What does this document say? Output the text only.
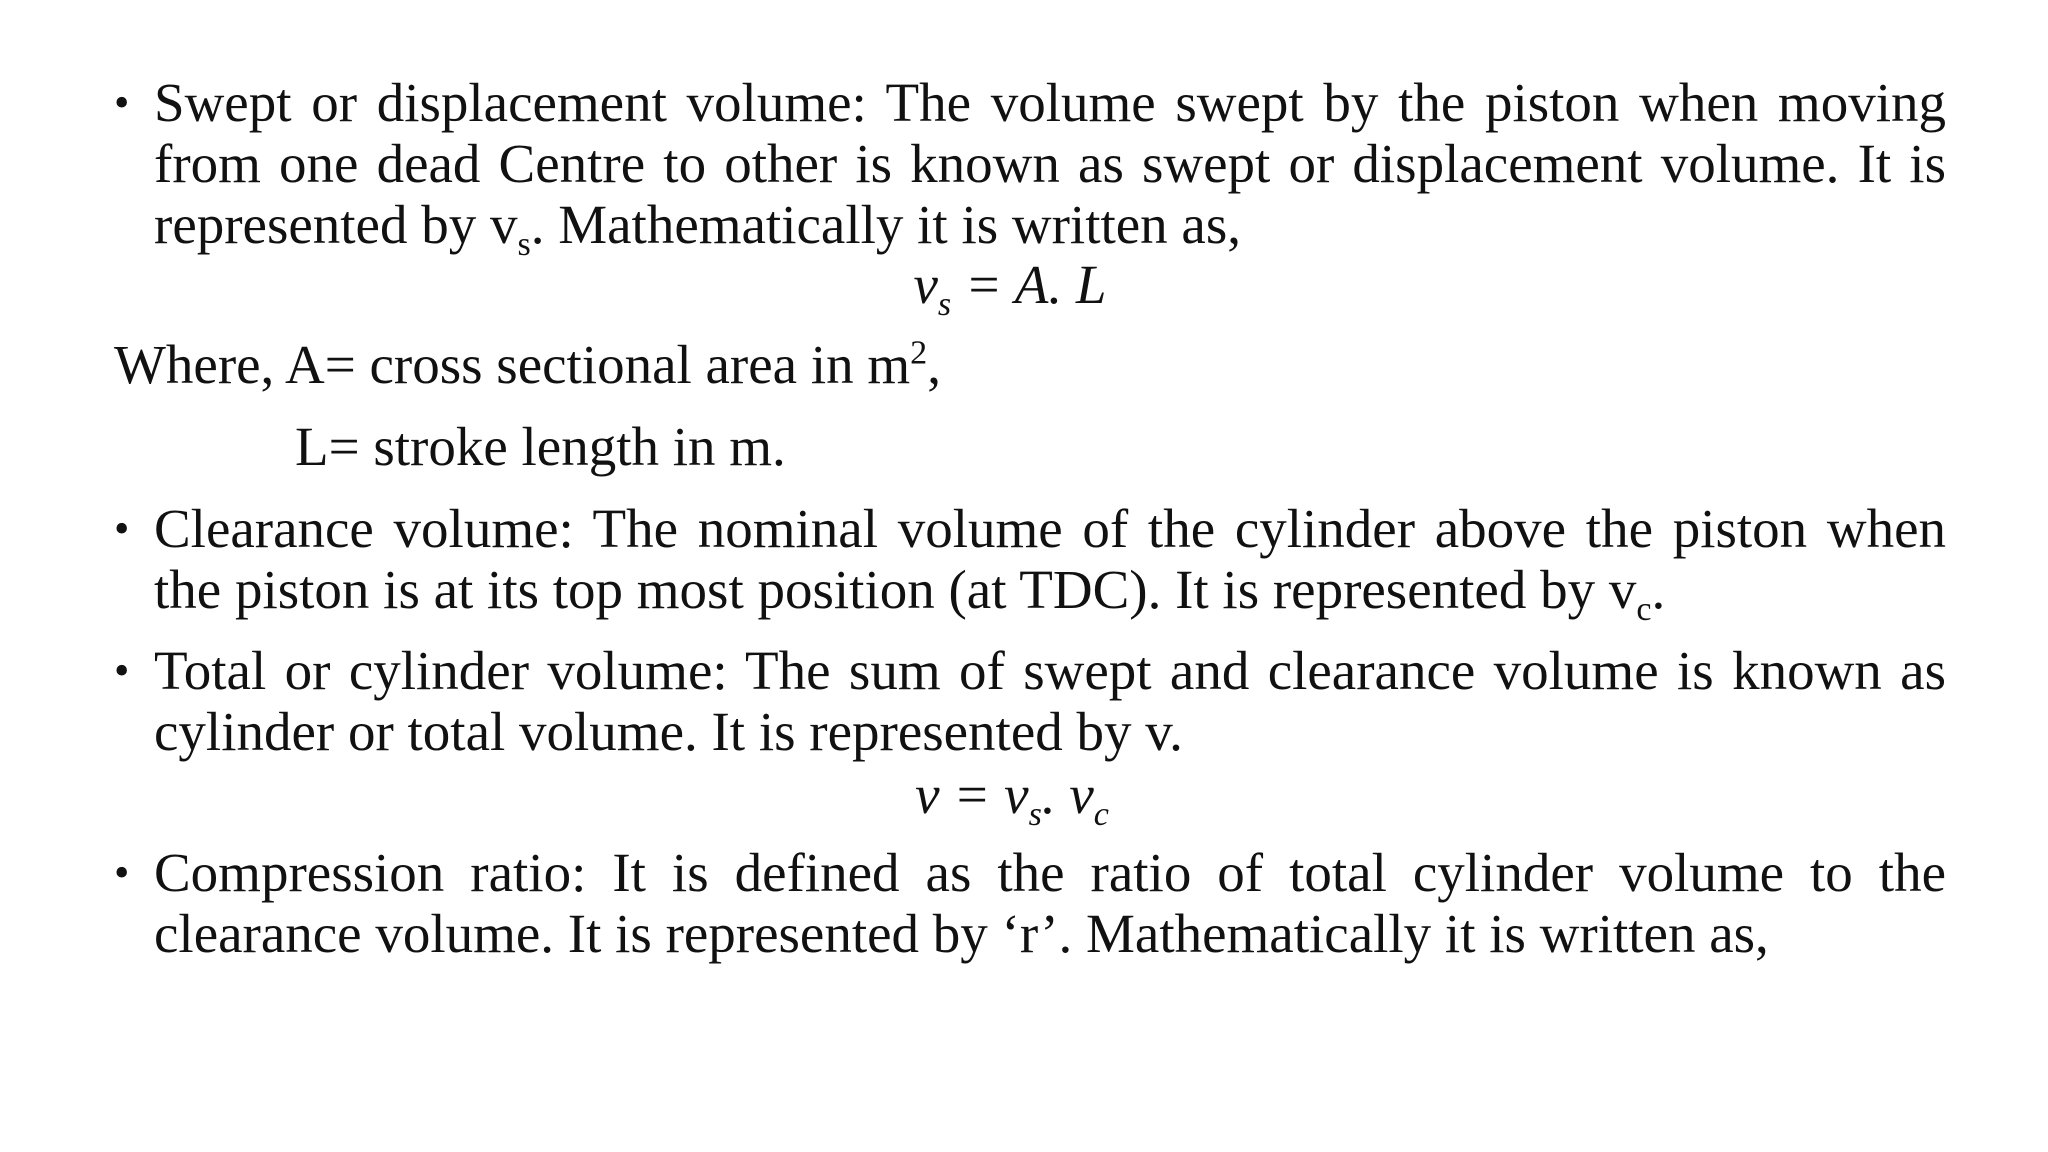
• Swept or displacement volume: The volume swept by the piston when moving from one dead Centre to other is known as swept or displacement volume. It is represented by $v_s$. Mathematically it is written as,
$v_s = A$. L
Where, A= cross sectional area in $m^2$,
L= stroke length in m.
• Clearance volume: The nominal volume of the cylinder above the piston when the piston is at its top most position (at TDC). It is represented by $v_c$.
• Total or cylinder volume: The sum of swept and clearance volume is known as cylinder or total volume. It is represented by v.
$v = v_s$. $v_c$
• Compression ratio: It is defined as the ratio of total cylinder volume to the clearance volume. It is represented by ‘r’. Mathematically it is written as,
